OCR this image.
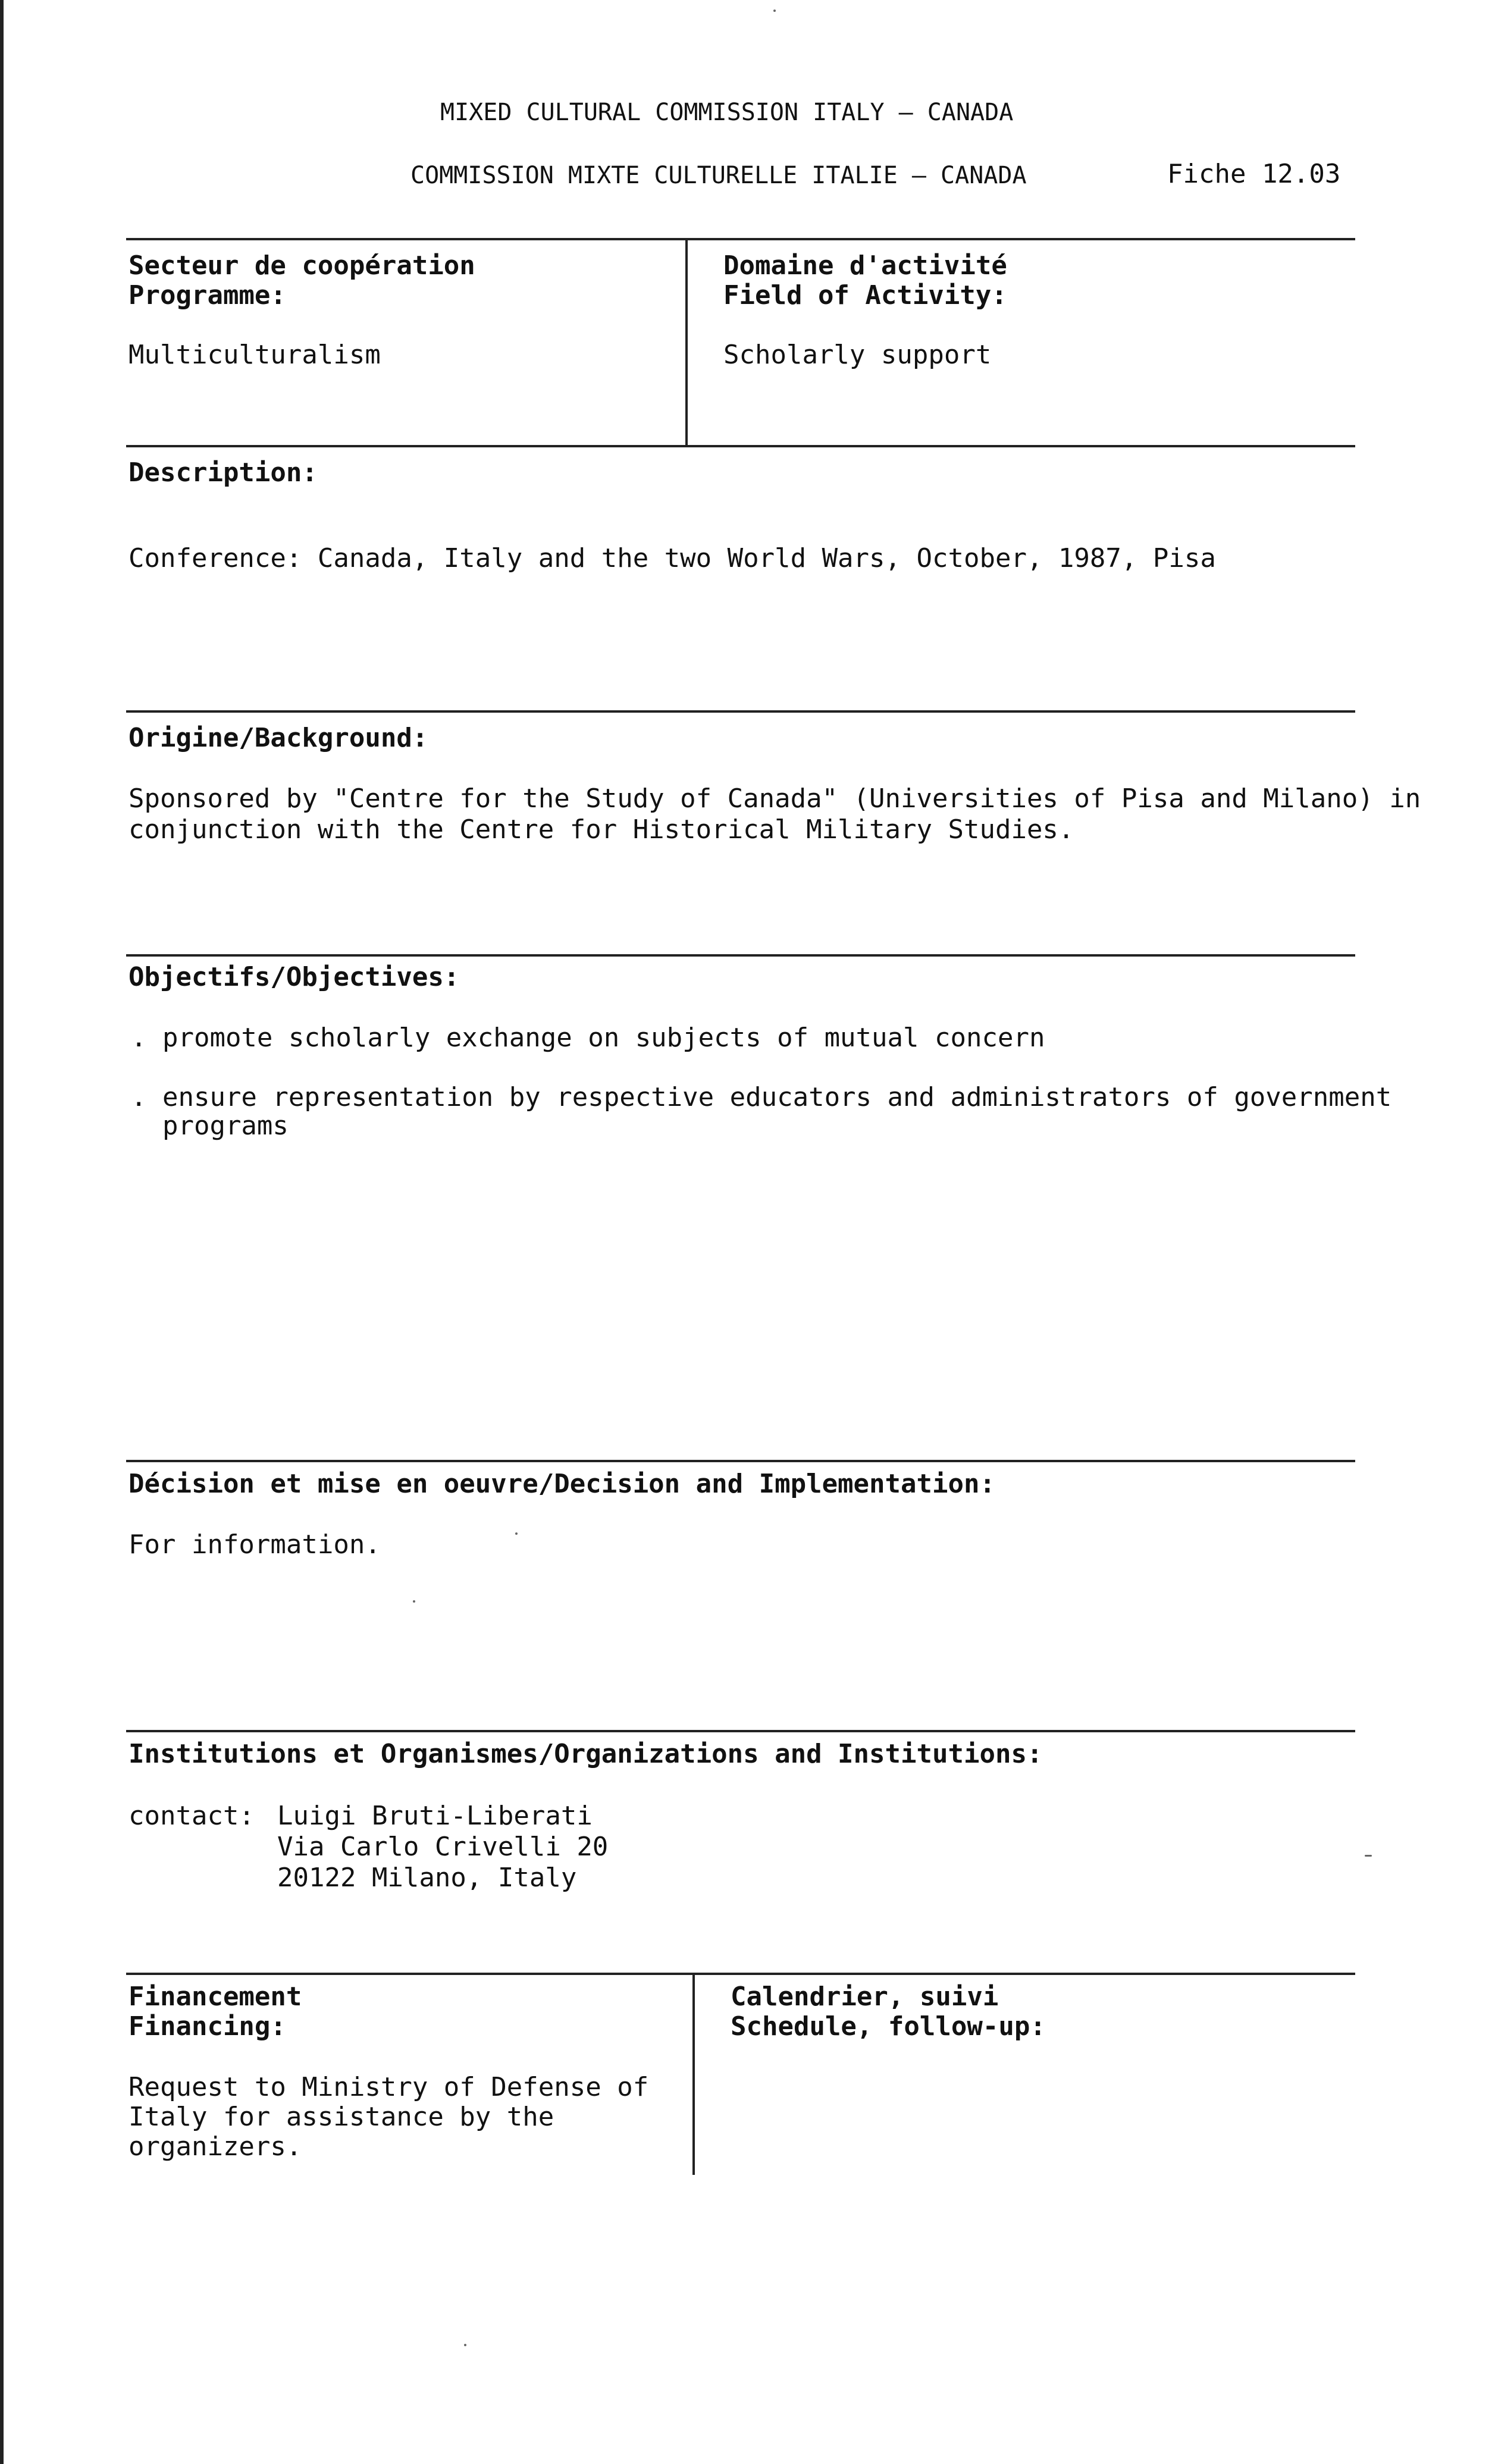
MIXED CULTURAL COMMISSION ITALY – CANADA
COMMISSION MIXTE CULTURELLE ITALIE – CANADA	Fiche 12.03
Secteur de coopération
Programme:
Multiculturalism
Domaine d'activité
Field of Activity:
Scholarly support
Description:
Conference: Canada, Italy and the two World Wars, October, 1987, Pisa
Origine/Background:
Sponsored by "Centre for the Study of Canada" (Universities of Pisa and Milano) in
conjunction with the Centre for Historical Military Studies.
Objectifs/Objectives:
. promote scholarly exchange on subjects of mutual concern
. ensure representation by respective educators and administrators of government
programs
Décision et mise en oeuvre/Decision and Implementation:
For information.
Institutions et Organismes/Organizations and Institutions:
contact: Luigi Bruti-Liberati
Via Carlo Crivelli 20
20122 Milano, Italy
Financement
Financing:
Request to Ministry of Defense of
Italy for assistance by the
organizers.
Calendrier, suivi
Schedule, follow-up:
